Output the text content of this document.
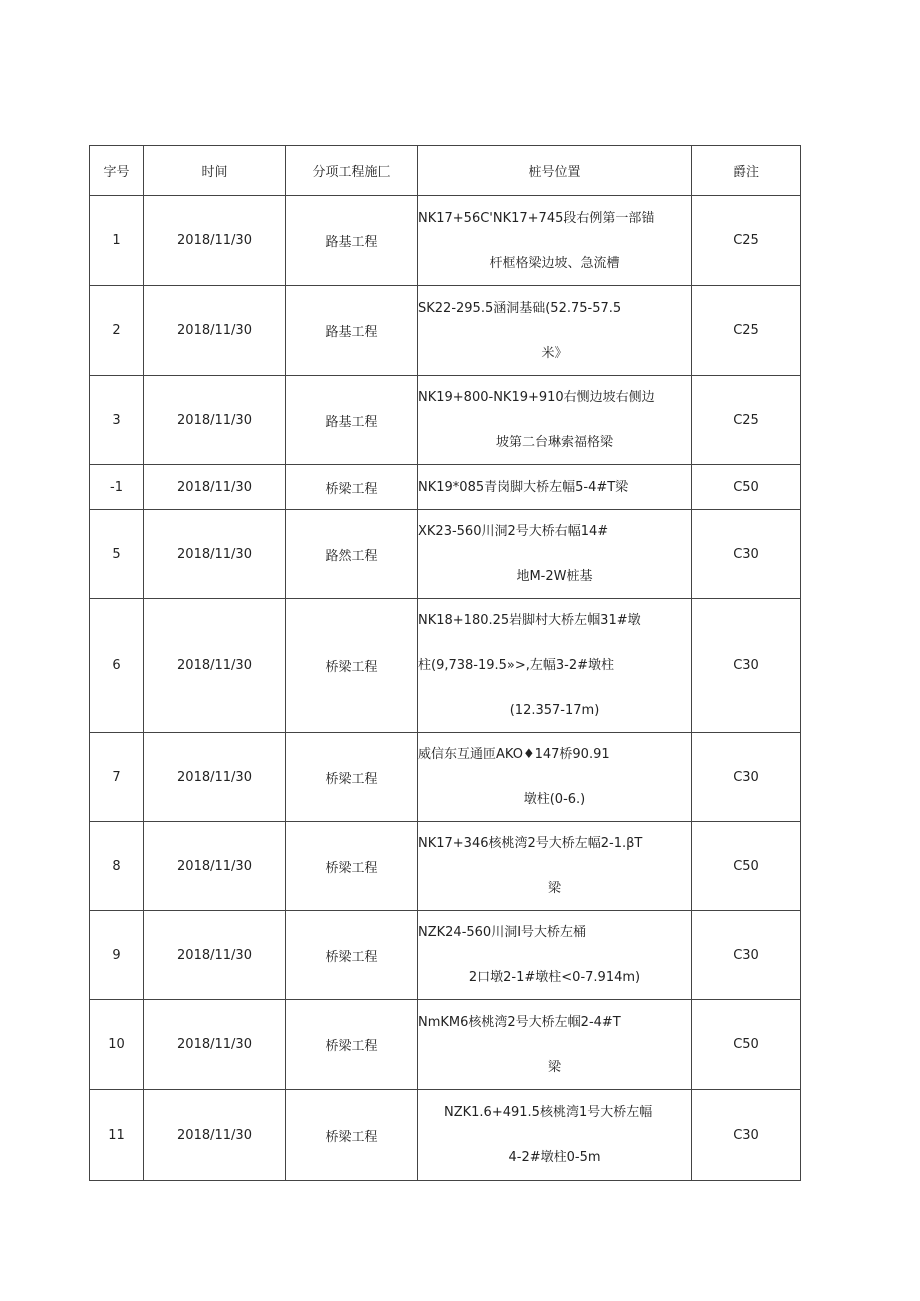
字号	时间	分项工程施匚	桩号位置	爵注
1	2018/11/30	路基工程	NK17+56C'NK17+745段右例第一部锚
杆框格梁边坡、急流槽	C25
2	2018/11/30	路基工程	SK22-295.5涵洞基础(52.75-57.5
米》	C25
3	2018/11/30	路基工程	NK19+800-NK19+910右恻边坡右侧边
坡第二台琳索福格梁	C25
-1	2018/11/30	桥梁工程	NK19*085青岗脚大桥左幅5-4#T梁	C50
5	2018/11/30	路然工程	XK23-560川洞2号大桥右幅14#
地M-2W桩基	C30
6	2018/11/30	桥梁工程	NK18+180.25岩脚村大桥左帼31#墩
柱(9,738-19.5»>,左幅3-2#墩柱
(12.357-17m)	C30
7	2018/11/30	桥梁工程	威信东互通匝AKO♦147桥90.91
墩柱(0-6.)	C30
8	2018/11/30	桥梁工程	NK17+346核桃湾2号大桥左幅2-1.βT
梁	C50
9	2018/11/30	桥梁工程	NZK24-560川洞I号大桥左桶
2口墩2-1#墩柱<0-7.914m)	C30
10	2018/11/30	桥梁工程	NmKM6核桃湾2号大桥左帼2-4#T
梁	C50
11	2018/11/30	桥梁工程	NZK1.6+491.5核桃湾1号大桥左幅
4-2#墩柱0-5m	C30
